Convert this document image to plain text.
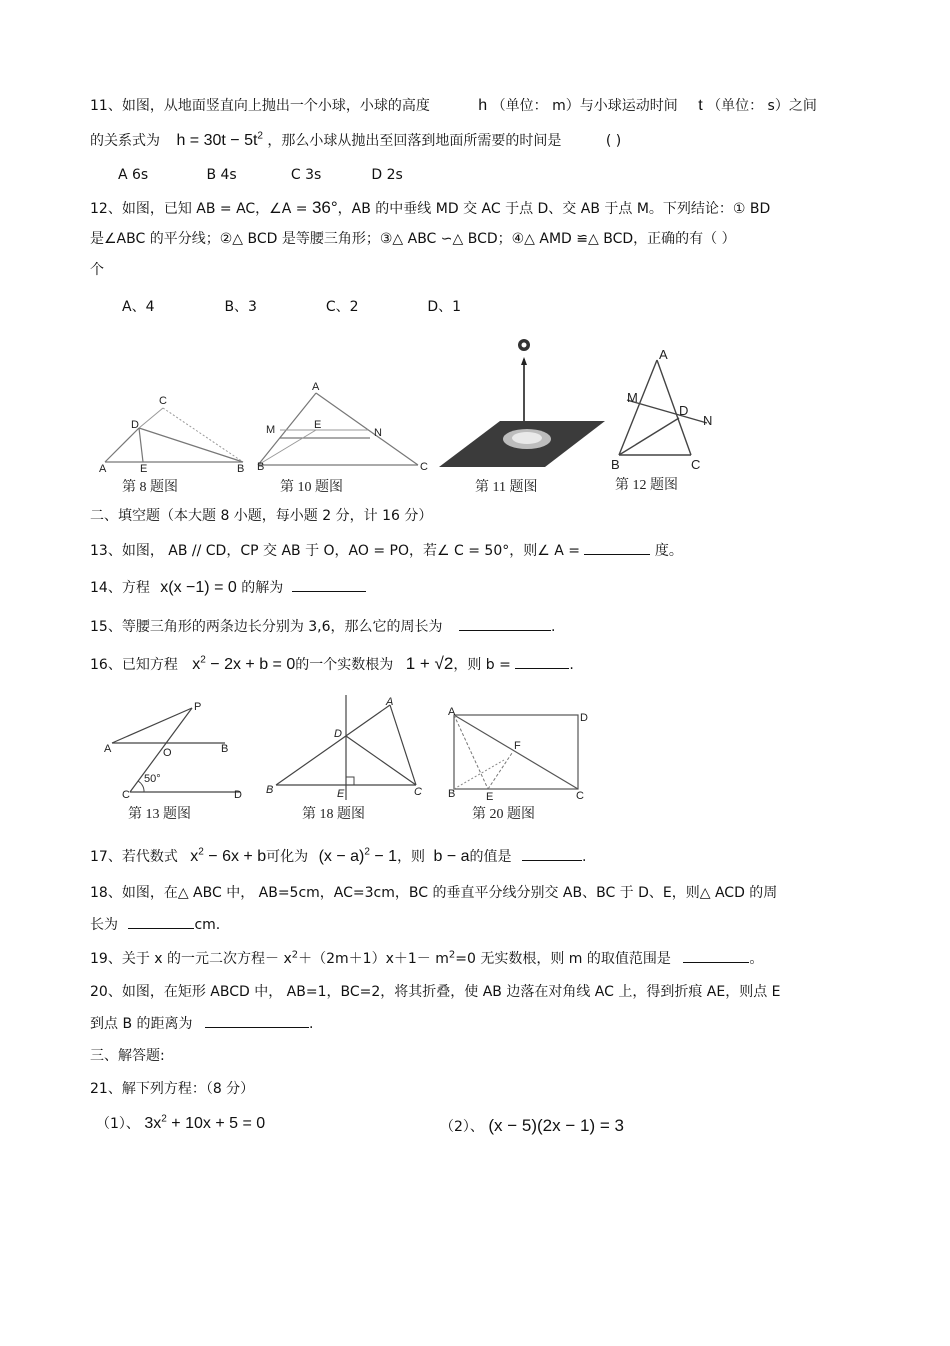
11、如图，从地面竖直向上抛出一个小球，小球的高度	h （单位： m）与小球运动时间 t （单位： s）之间
的关系式为 $h = 30t - 5t^2$ ，那么小球从抛出至回落到地面所需要的时间是	( )
A 6s	B 4s	C 3s	D 2s
12、如图，已知 AB = AC，∠A = 36°，AB 的中垂线 MD 交 AC 于点 D、交 AB 于点 M。下列结论：① BD
是∠ABC 的平分线；②△ BCD 是等腰三角形；③△ ABC ∽△ BCD；④△ AMD ≌△ BCD，正确的有（ ）
个
A、4	B、3	C、2	D、1
C
D
A	E	B
第 8 题图
A
M	E
N
B	C
第 10 题图	第 11 题图
A
M
D
N
B	C
第 12 题图
二、填空题（本大题 8 小题，每小题 2 分，计 16 分）
13、如图， AB // CD，CP 交 AB 于 O，AO = PO，若∠ C = 50°，则∠ A =	度。
14、方程 x(x −1) = 0 的解为
15、等腰三角形的两条边长分别为 3,6，那么它的周长为	.
16、已知方程 $x^2 - 2x + b = 0$的一个实数根为 1 + √2，则 b =	.
P
A	O	B
C
50°
D
第 13 题图
A
D
B	E	C
第 18 题图
A	D
F
B	E	C
第 20 题图
17、若代数式 $x^2 - 6x + b$可化为 $(x - a)^2 - 1$，则 b − a的值是	.
18、如图，在△ ABC 中， AB=5cm，AC=3cm，BC 的垂直平分线分别交 AB、BC 于 D、E，则△ ACD 的周
长为	cm.
19、关于 x 的一元二次方程－ $x^2+(2m+1)x+1- m^2=0$ 无实数根，则 m 的取值范围是	。
20、如图，在矩形 ABCD 中， AB=1，BC=2，将其折叠，使 AB 边落在对角线 AC 上，得到折痕 AE，则点 E
到点 B 的距离为	.
三、解答题:
21、解下列方程：（8 分）
（1）、 $3x^2 + 10x + 5 = 0$	（2）、 (x − 5)(2x − 1) = 3
